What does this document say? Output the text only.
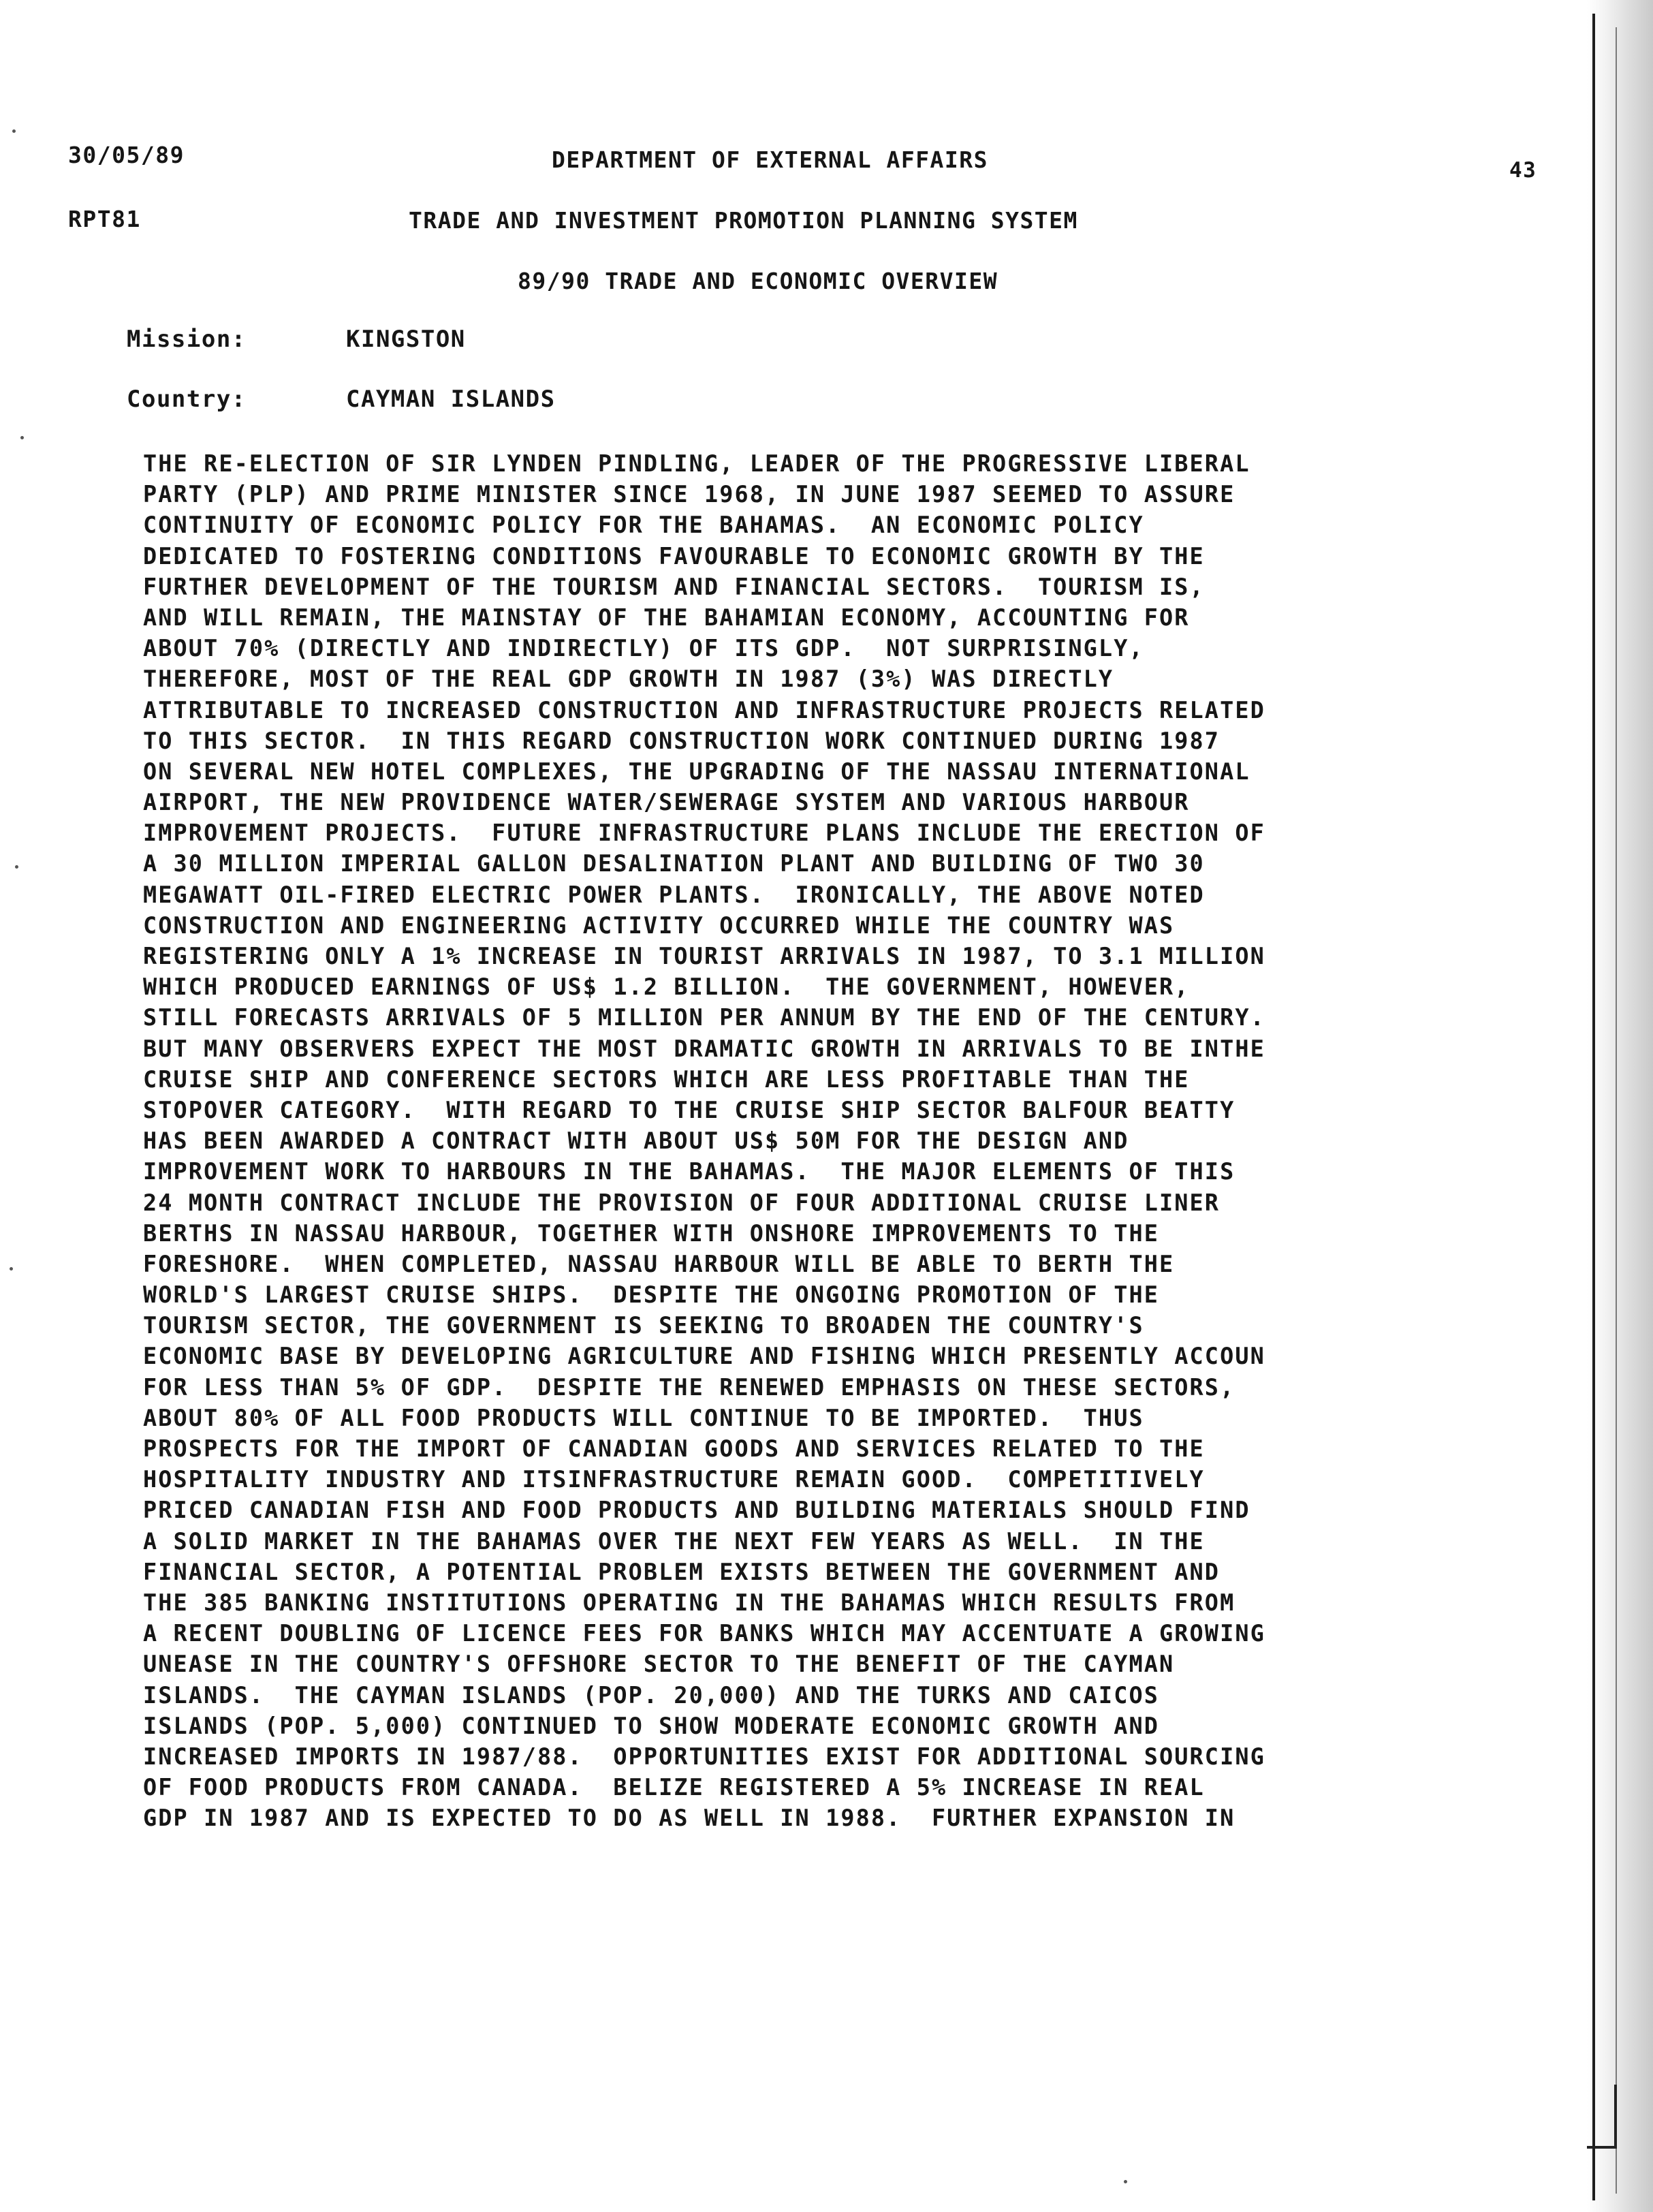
30/05/89
RPT81
DEPARTMENT OF EXTERNAL AFFAIRS	43
TRADE AND INVESTMENT PROMOTION PLANNING SYSTEM
89/90 TRADE AND ECONOMIC OVERVIEW
Mission:	KINGSTON
Country:	CAYMAN ISLANDS
THE RE-ELECTION OF SIR LYNDEN PINDLING, LEADER OF THE PROGRESSIVE LIBERAL
PARTY (PLP) AND PRIME MINISTER SINCE 1968, IN JUNE 1987 SEEMED TO ASSURE
CONTINUITY OF ECONOMIC POLICY FOR THE BAHAMAS.  AN ECONOMIC POLICY
DEDICATED TO FOSTERING CONDITIONS FAVOURABLE TO ECONOMIC GROWTH BY THE
FURTHER DEVELOPMENT OF THE TOURISM AND FINANCIAL SECTORS.  TOURISM IS,
AND WILL REMAIN, THE MAINSTAY OF THE BAHAMIAN ECONOMY, ACCOUNTING FOR
ABOUT 70% (DIRECTLY AND INDIRECTLY) OF ITS GDP.  NOT SURPRISINGLY,
THEREFORE, MOST OF THE REAL GDP GROWTH IN 1987 (3%) WAS DIRECTLY
ATTRIBUTABLE TO INCREASED CONSTRUCTION AND INFRASTRUCTURE PROJECTS RELATED
TO THIS SECTOR.  IN THIS REGARD CONSTRUCTION WORK CONTINUED DURING 1987
ON SEVERAL NEW HOTEL COMPLEXES, THE UPGRADING OF THE NASSAU INTERNATIONAL
AIRPORT, THE NEW PROVIDENCE WATER/SEWERAGE SYSTEM AND VARIOUS HARBOUR
IMPROVEMENT PROJECTS.  FUTURE INFRASTRUCTURE PLANS INCLUDE THE ERECTION OF
A 30 MILLION IMPERIAL GALLON DESALINATION PLANT AND BUILDING OF TWO 30
MEGAWATT OIL-FIRED ELECTRIC POWER PLANTS.  IRONICALLY, THE ABOVE NOTED
CONSTRUCTION AND ENGINEERING ACTIVITY OCCURRED WHILE THE COUNTRY WAS
REGISTERING ONLY A 1% INCREASE IN TOURIST ARRIVALS IN 1987, TO 3.1 MILLION
WHICH PRODUCED EARNINGS OF US$ 1.2 BILLION.  THE GOVERNMENT, HOWEVER,
STILL FORECASTS ARRIVALS OF 5 MILLION PER ANNUM BY THE END OF THE CENTURY.
BUT MANY OBSERVERS EXPECT THE MOST DRAMATIC GROWTH IN ARRIVALS TO BE INTHE
CRUISE SHIP AND CONFERENCE SECTORS WHICH ARE LESS PROFITABLE THAN THE
STOPOVER CATEGORY.  WITH REGARD TO THE CRUISE SHIP SECTOR BALFOUR BEATTY
HAS BEEN AWARDED A CONTRACT WITH ABOUT US$ 50M FOR THE DESIGN AND
IMPROVEMENT WORK TO HARBOURS IN THE BAHAMAS.  THE MAJOR ELEMENTS OF THIS
24 MONTH CONTRACT INCLUDE THE PROVISION OF FOUR ADDITIONAL CRUISE LINER
BERTHS IN NASSAU HARBOUR, TOGETHER WITH ONSHORE IMPROVEMENTS TO THE
FORESHORE.  WHEN COMPLETED, NASSAU HARBOUR WILL BE ABLE TO BERTH THE
WORLD'S LARGEST CRUISE SHIPS.  DESPITE THE ONGOING PROMOTION OF THE
TOURISM SECTOR, THE GOVERNMENT IS SEEKING TO BROADEN THE COUNTRY'S
ECONOMIC BASE BY DEVELOPING AGRICULTURE AND FISHING WHICH PRESENTLY ACCOUN
FOR LESS THAN 5% OF GDP.  DESPITE THE RENEWED EMPHASIS ON THESE SECTORS,
ABOUT 80% OF ALL FOOD PRODUCTS WILL CONTINUE TO BE IMPORTED.  THUS
PROSPECTS FOR THE IMPORT OF CANADIAN GOODS AND SERVICES RELATED TO THE
HOSPITALITY INDUSTRY AND ITSINFRASTRUCTURE REMAIN GOOD.  COMPETITIVELY
PRICED CANADIAN FISH AND FOOD PRODUCTS AND BUILDING MATERIALS SHOULD FIND
A SOLID MARKET IN THE BAHAMAS OVER THE NEXT FEW YEARS AS WELL.  IN THE
FINANCIAL SECTOR, A POTENTIAL PROBLEM EXISTS BETWEEN THE GOVERNMENT AND
THE 385 BANKING INSTITUTIONS OPERATING IN THE BAHAMAS WHICH RESULTS FROM
A RECENT DOUBLING OF LICENCE FEES FOR BANKS WHICH MAY ACCENTUATE A GROWING
UNEASE IN THE COUNTRY'S OFFSHORE SECTOR TO THE BENEFIT OF THE CAYMAN
ISLANDS.  THE CAYMAN ISLANDS (POP. 20,000) AND THE TURKS AND CAICOS
ISLANDS (POP. 5,000) CONTINUED TO SHOW MODERATE ECONOMIC GROWTH AND
INCREASED IMPORTS IN 1987/88.  OPPORTUNITIES EXIST FOR ADDITIONAL SOURCING
OF FOOD PRODUCTS FROM CANADA.  BELIZE REGISTERED A 5% INCREASE IN REAL
GDP IN 1987 AND IS EXPECTED TO DO AS WELL IN 1988.  FURTHER EXPANSION IN
